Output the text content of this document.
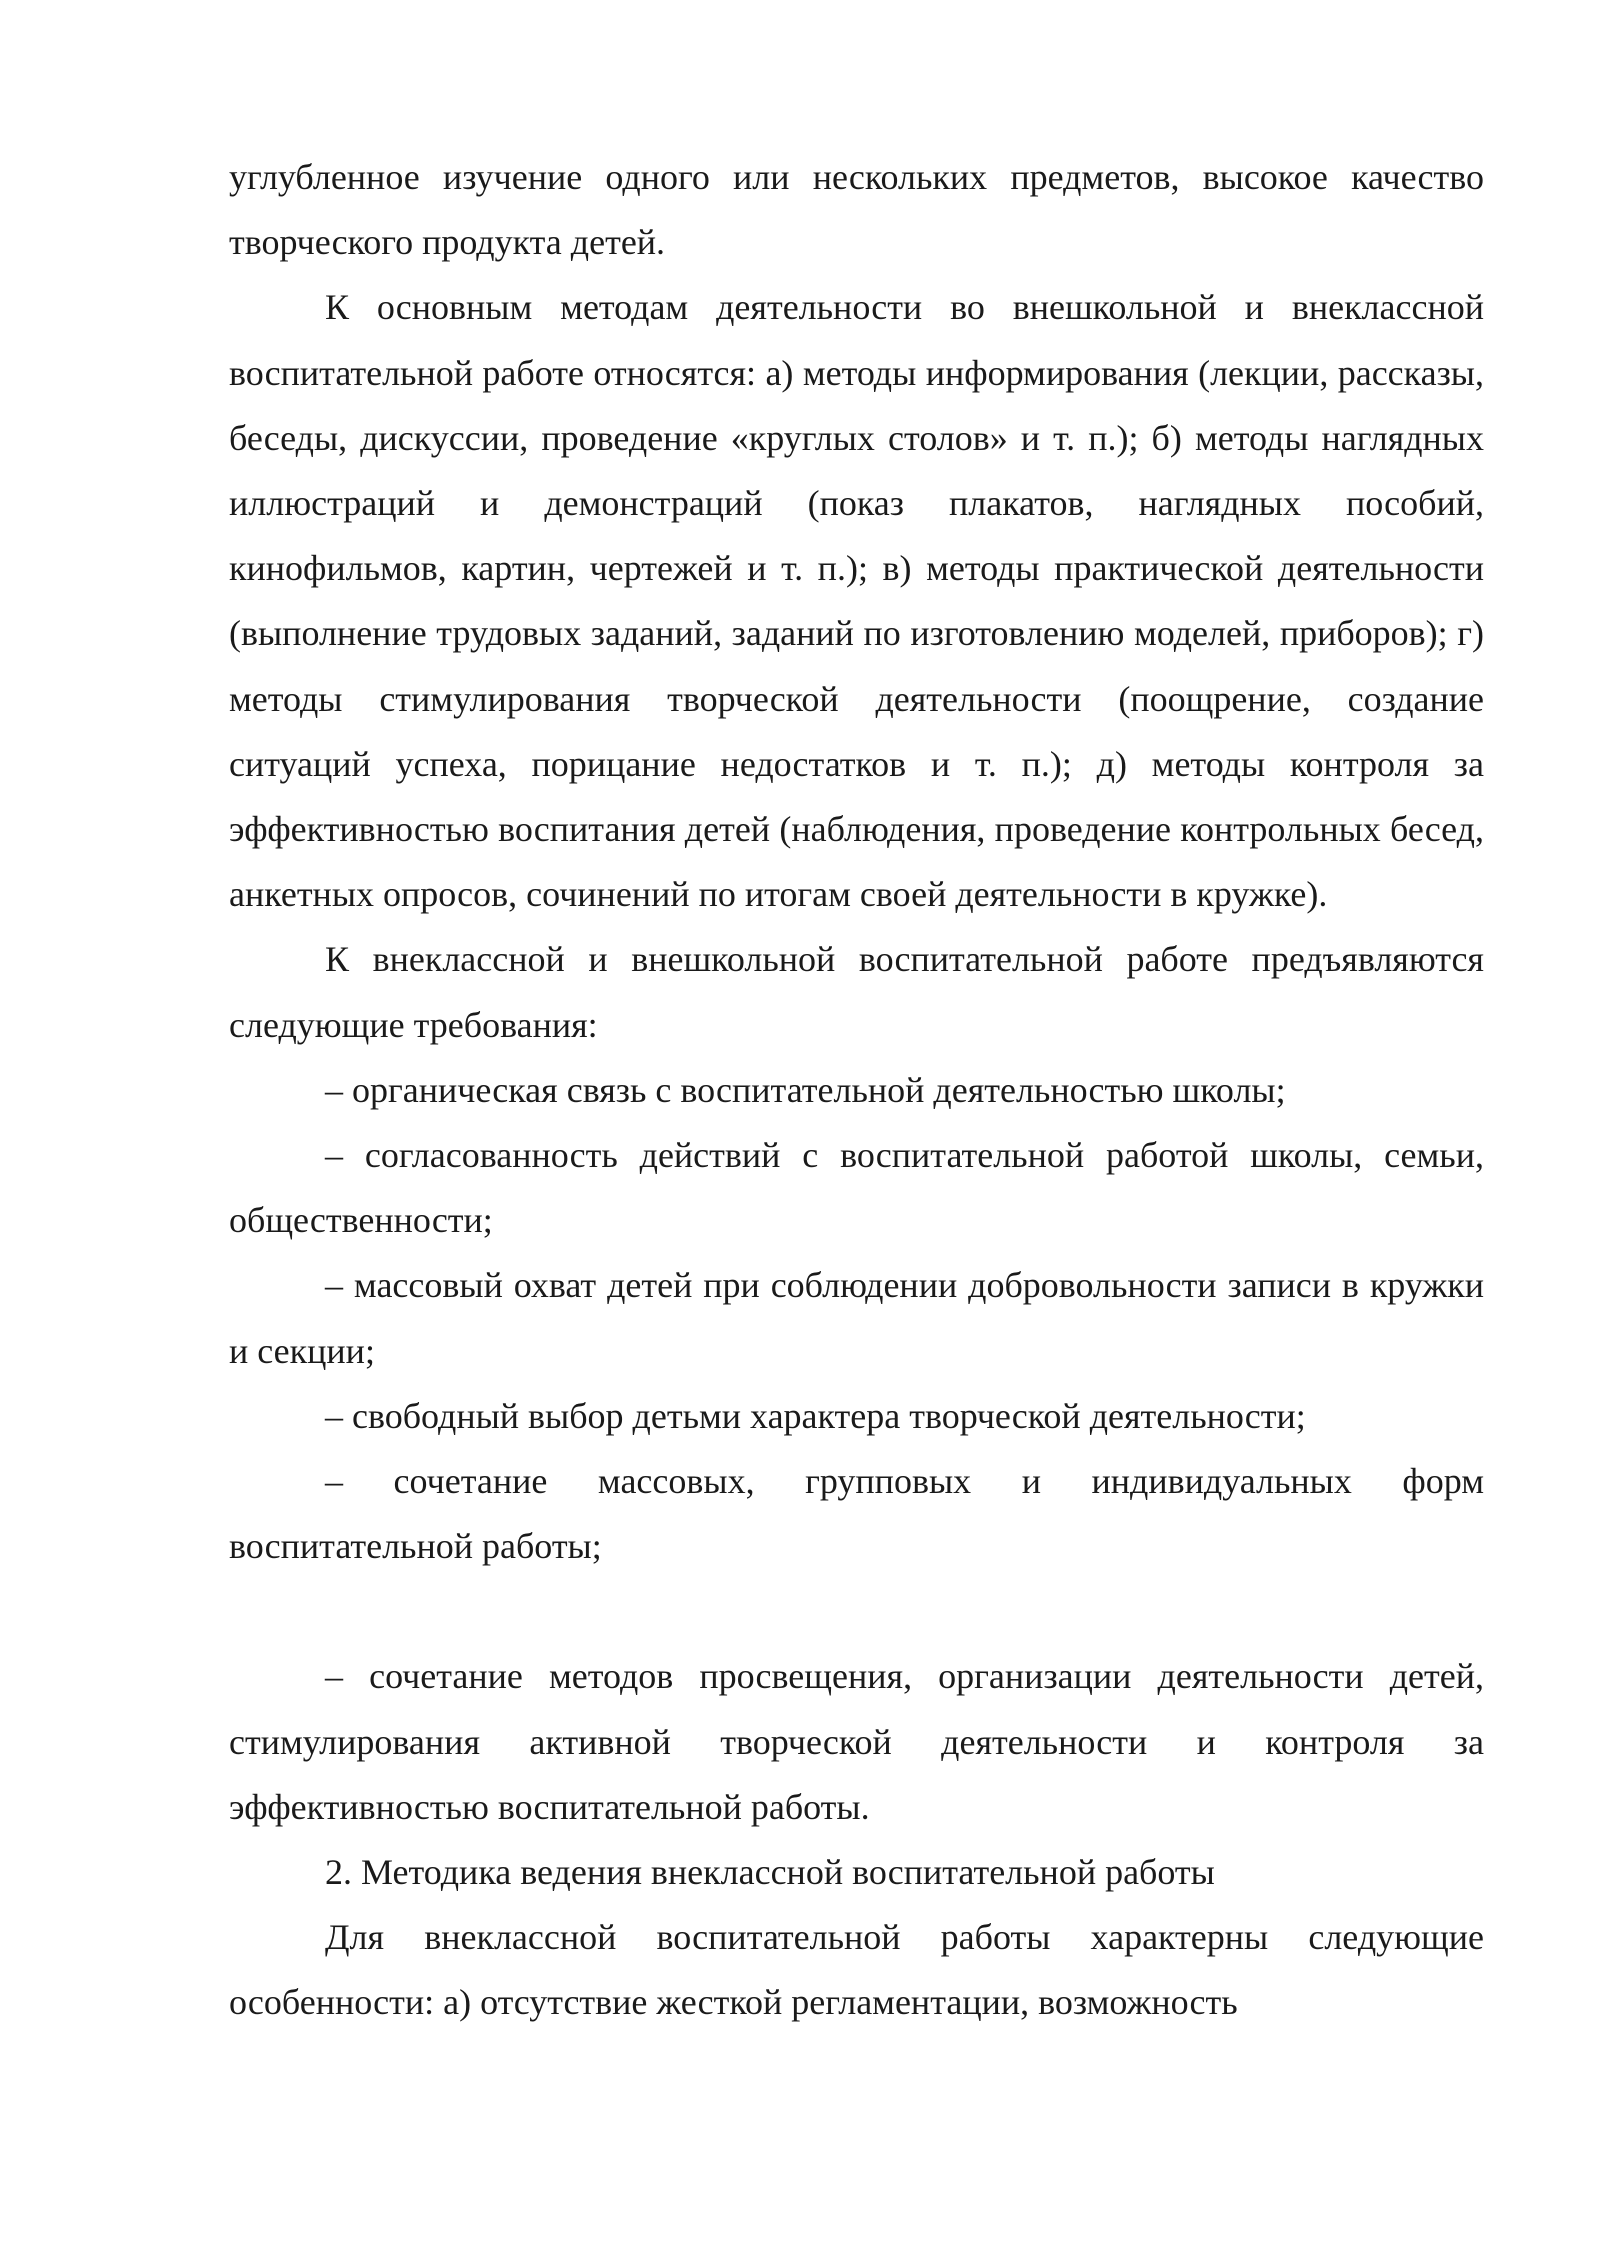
углубленное изучение одного или нескольких предметов, высокое качество творческого продукта детей.

К основным методам деятельности во внешкольной и внеклассной воспитательной работе относятся: а) методы информирования (лекции, рассказы, беседы, дискуссии, проведение «круглых столов» и т. п.); б) методы наглядных иллюстраций и демонстраций (показ плакатов, наглядных пособий, кинофильмов, картин, чертежей и т. п.); в) методы практической деятельности (выполнение трудовых заданий, заданий по изготовлению моделей, приборов); г) методы стимулирования творческой деятельности (поощрение, создание ситуаций успеха, порицание недостатков и т. п.); д) методы контроля за эффективностью воспитания детей (наблюдения, проведение контрольных бесед, анкетных опросов, сочинений по итогам своей деятельности в кружке).

К внеклассной и внешкольной воспитательной работе предъявляются следующие требования:

– органическая связь с воспитательной деятельностью школы;

– согласованность действий с воспитательной работой школы, семьи, общественности;

– массовый охват детей при соблюдении добровольности записи в кружки и секции;

– свободный выбор детьми характера творческой деятельности;

– сочетание массовых, групповых и индивидуальных форм воспитательной работы;

– сочетание методов просвещения, организации деятельности детей, стимулирования активной творческой деятельности и контроля за эффективностью воспитательной работы.

2. Методика ведения внеклассной воспитательной работы

Для внеклассной воспитательной работы характерны следующие особенности: а) отсутствие жесткой регламентации, возможность
